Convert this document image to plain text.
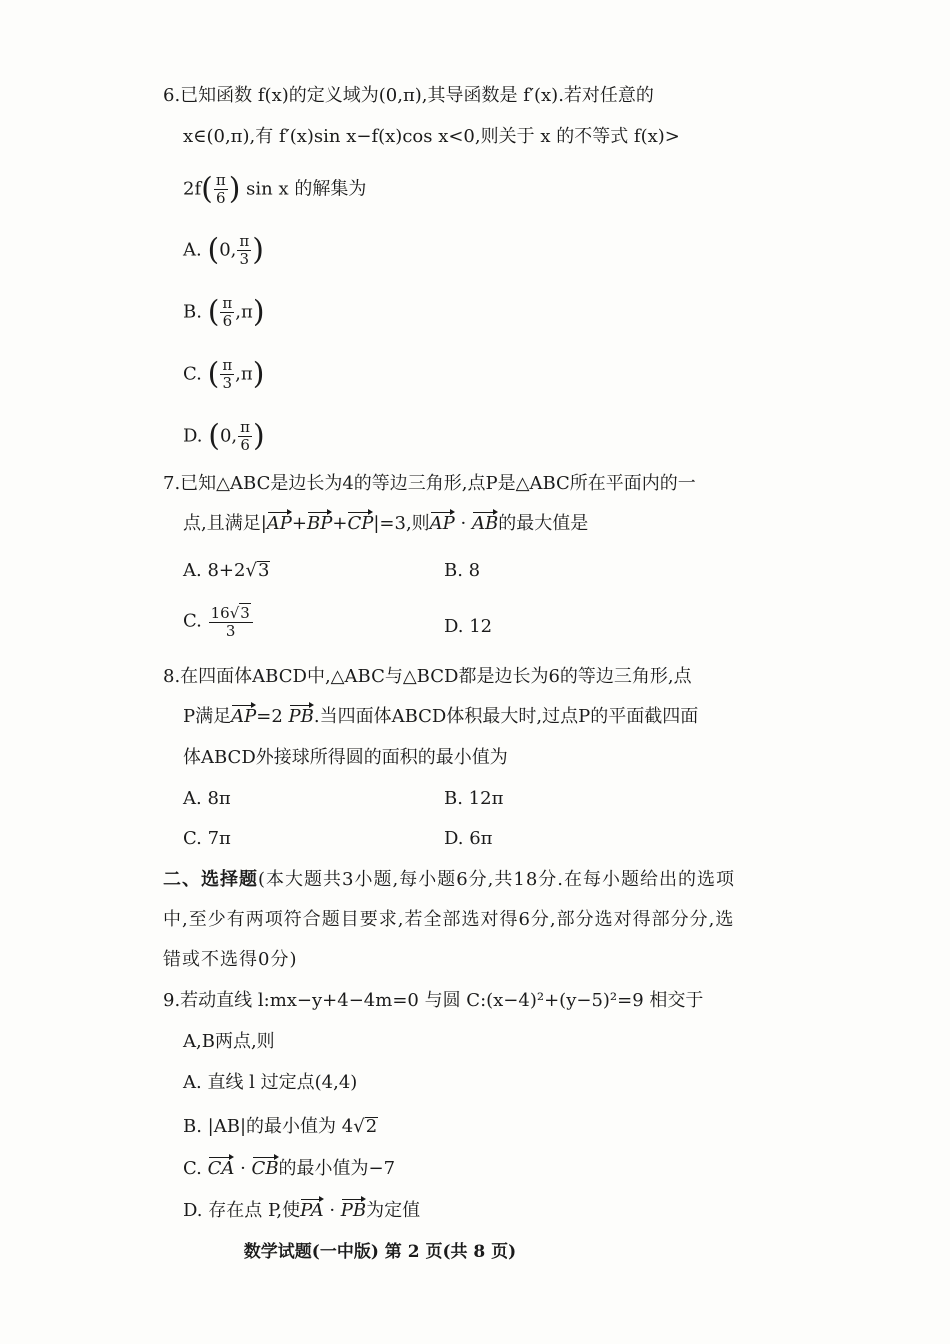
6.已知函数 f(x)的定义域为(0,π),其导函数是 f′(x).若对任意的
x∈(0,π),有 f′(x)sin x−f(x)cos x<0,则关于 x 的不等式 f(x)>
$2f( \frac{\pi}{6}$ ) sin x 的解集为
A. (0, $\frac{\pi}{3}$ )
B. ( $\frac{\pi}{6} ,\pi$)
C. ( $\frac{\pi}{3} ,\pi$)
D. (0, $\frac{\pi}{6}$ )
7.已知△ABC是边长为4的等边三角形,点P是△ABC所在平面内的一
点,且满足|AP+BP+CP|=3,则AP · AB的最大值是
A. 8+2√3	B. 8
C. $\frac{16√3}{3}$	D. 12
8.在四面体ABCD中,△ABC与△BCD都是边长为6的等边三角形,点
P满足AP=2 PB.当四面体ABCD体积最大时,过点P的平面截四面
体ABCD外接球所得圆的面积的最小值为
A. 8π	B. 12π
C. 7π	D. 6π
二、选择题(本大题共3小题,每小题6分,共18分.在每小题给出的选项
中,至少有两项符合题目要求,若全部选对得6分,部分选对得部分分,选
错或不选得0分)
9.若动直线 l:mx−y+4−4m=0 与圆 C:(x−4)²+(y−5)²=9 相交于
A,B两点,则
A. 直线 l 过定点(4,4)
B. |AB|的最小值为 4√2
C. CA · CB的最小值为−7
D. 存在点 P,使PA · PB为定值
数学试题(一中版) 第 2 页(共 8 页)
